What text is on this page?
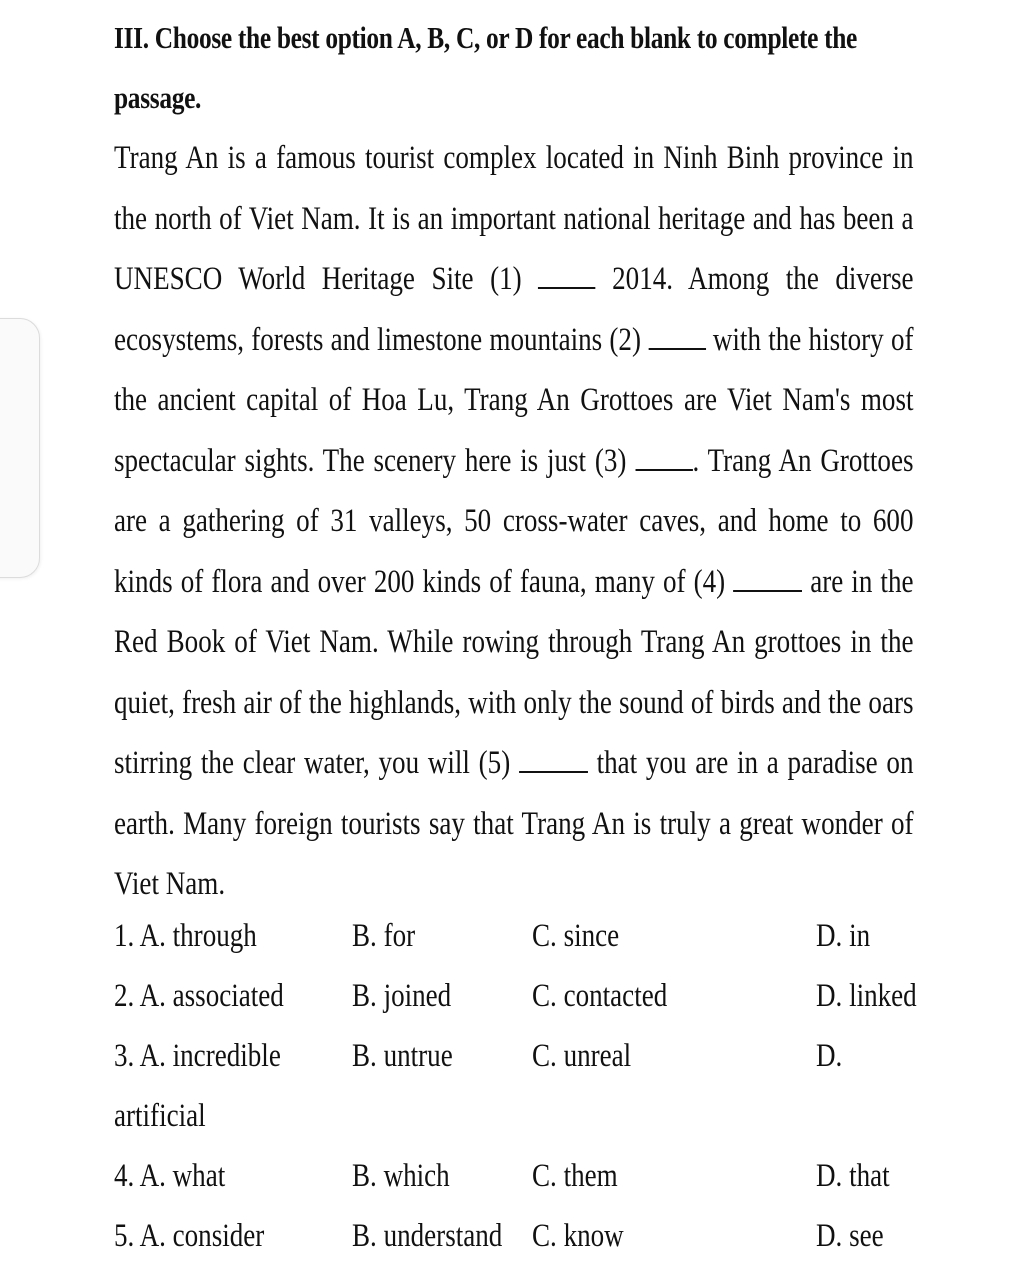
III. Choose the best option A, B, C, or D for each blank to complete the passage.

Trang An is a famous tourist complex located in Ninh Binh province in the north of Viet Nam. It is an important national heritage and has been a UNESCO World Heritage Site (1)  2014. Among the diverse ecosystems, forests and limestone mountains (2)  with the history of the ancient capital of Hoa Lu, Trang An Grottoes are Viet Nam's most spectacular sights. The scenery here is just (3) . Trang An Grottoes are a gathering of 31 valleys, 50 cross-water caves, and home to 600 kinds of flora and over 200 kinds of fauna, many of (4)  are in the Red Book of Viet Nam. While rowing through Trang An grottoes in the quiet, fresh air of the highlands, with only the sound of birds and the oars stirring the clear water, you will (5)  that you are in a paradise on earth. Many foreign tourists say that Trang An is truly a great wonder of Viet Nam.

1. A. through	B. for	C. since	D. in
2. A. associated B. joined C. contacted	D. linked
3. A. incredible B. untrue C. unreal	D.
artificial
4. A. what	B. which C. them	D. that
5. A. consider	B. understand C. know	D. see
